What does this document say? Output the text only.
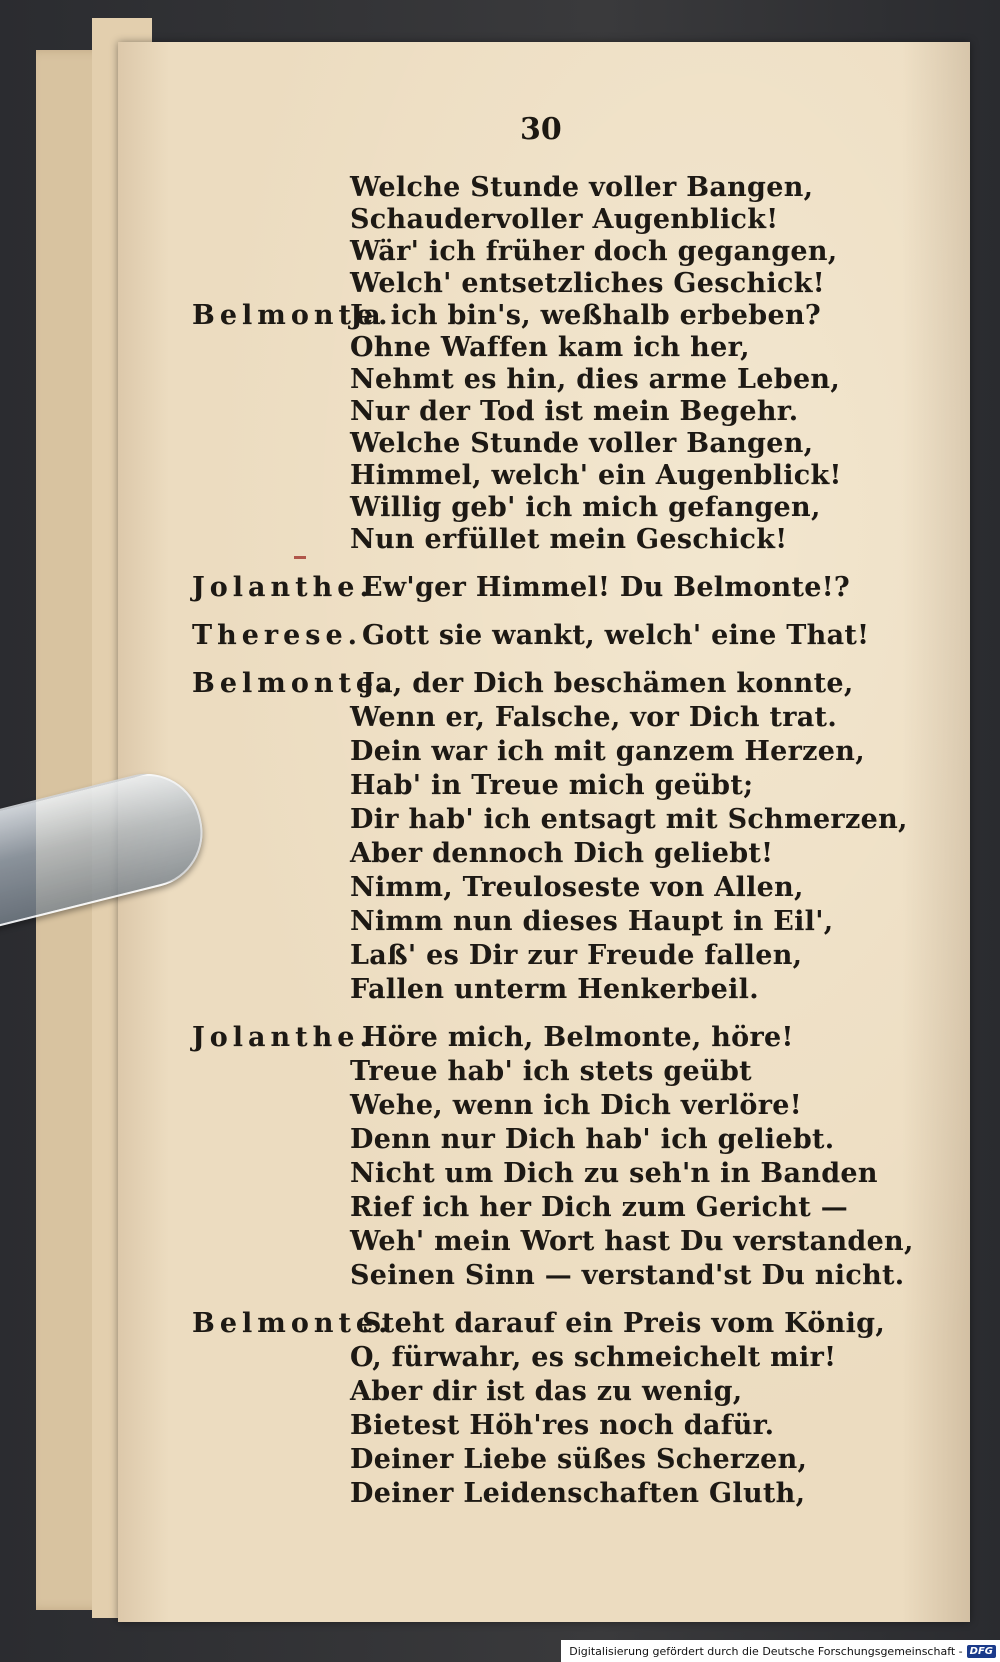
30
Welche Stunde voller Bangen,
Schaudervoller Augenblick!
Wär' ich früher doch gegangen,
Welch' entsetzliches Geschick!
Belmonte.
Ja ich bin's, weßhalb erbeben?
Ohne Waffen kam ich her,
Nehmt es hin, dies arme Leben,
Nur der Tod ist mein Begehr.
Welche Stunde voller Bangen,
Himmel, welch' ein Augenblick!
Willig geb' ich mich gefangen,
Nun erfüllet mein Geschick!
Jolanthe.
Ew'ger Himmel! Du Belmonte!?
Therese. Gott sie wankt, welch' eine That!
Belmonte.
Ja, der Dich beschämen konnte,
Wenn er, Falsche, vor Dich trat.
Dein war ich mit ganzem Herzen,
Hab' in Treue mich geübt;
Dir hab' ich entsagt mit Schmerzen,
Aber dennoch Dich geliebt!
Nimm, Treuloseste von Allen,
Nimm nun dieses Haupt in Eil',
Laß' es Dir zur Freude fallen,
Fallen unterm Henkerbeil.
Jolanthe.
Höre mich, Belmonte, höre!
Treue hab' ich stets geübt
Wehe, wenn ich Dich verlöre!
Denn nur Dich hab' ich geliebt.
Nicht um Dich zu seh'n in Banden
Rief ich her Dich zum Gericht —
Weh' mein Wort hast Du verstanden,
Seinen Sinn — verstand'st Du nicht.
Belmonte.
Steht darauf ein Preis vom König,
O, fürwahr, es schmeichelt mir!
Aber dir ist das zu wenig,
Bietest Höh'res noch dafür.
Deiner Liebe süßes Scherzen,
Deiner Leidenschaften Gluth,
Digitalisierung gefördert durch die Deutsche Forschungsgemeinschaft - DFG
